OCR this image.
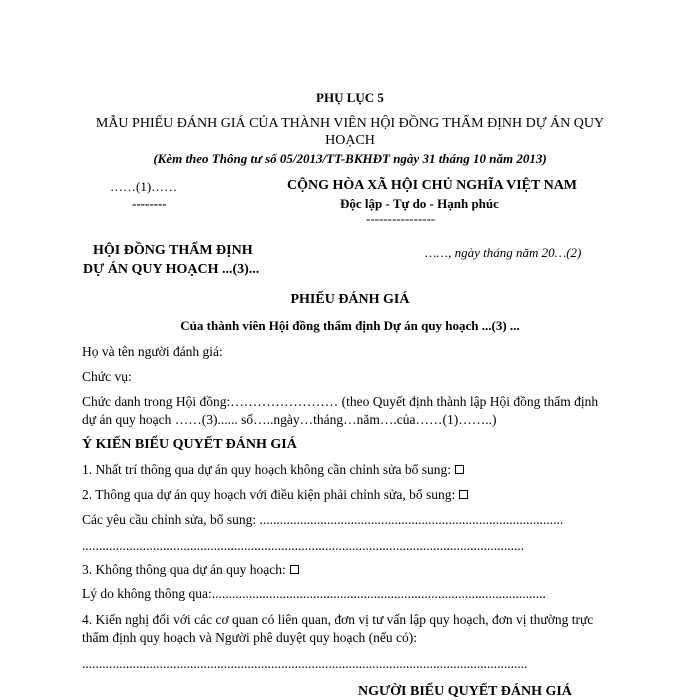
PHỤ LỤC 5
MẪU PHIẾU ĐÁNH GIÁ CỦA THÀNH VIÊN HỘI ĐỒNG THẨM ĐỊNH DỰ ÁN QUY
HOẠCH
(Kèm theo Thông tư số 05/2013/TT-BKHĐT ngày 31 tháng 10 năm 2013)
……(1)……
--------
CỘNG HÒA XÃ HỘI CHỦ NGHĨA VIỆT NAM
Độc lập - Tự do - Hạnh phúc
----------------
HỘI ĐỒNG THẨM ĐỊNH
DỰ ÁN QUY HOẠCH ...(3)...
……, ngày tháng năm 20…(2)
PHIẾU ĐÁNH GIÁ
Của thành viên Hội đồng thẩm định Dự án quy hoạch ...(3) ...
Họ và tên người đánh giá:
Chức vụ:
Chức danh trong Hội đồng:…………………… (theo Quyết định thành lập Hội đồng thẩm định
dự án quy hoạch ……(3)...... số…..ngày…tháng…năm….của……(1)……..)
Ý KIẾN BIỂU QUYẾT ĐÁNH GIÁ
1. Nhất trí thông qua dự án quy hoạch không cần chỉnh sửa bổ sung:
2. Thông qua dự án quy hoạch với điều kiện phải chỉnh sửa, bổ sung:
Các yêu cầu chỉnh sửa, bổ sung: ..........................................................................................
...................................................................................................................................
3. Không thông qua dự án quy hoạch:
Lý do không thông qua:...................................................................................................
4. Kiến nghị đối với các cơ quan có liên quan, đơn vị tư vấn lập quy hoạch, đơn vị thường trực
thẩm định quy hoạch và Người phê duyệt quy hoạch (nếu có):
....................................................................................................................................
NGƯỜI BIỂU QUYẾT ĐÁNH GIÁ
